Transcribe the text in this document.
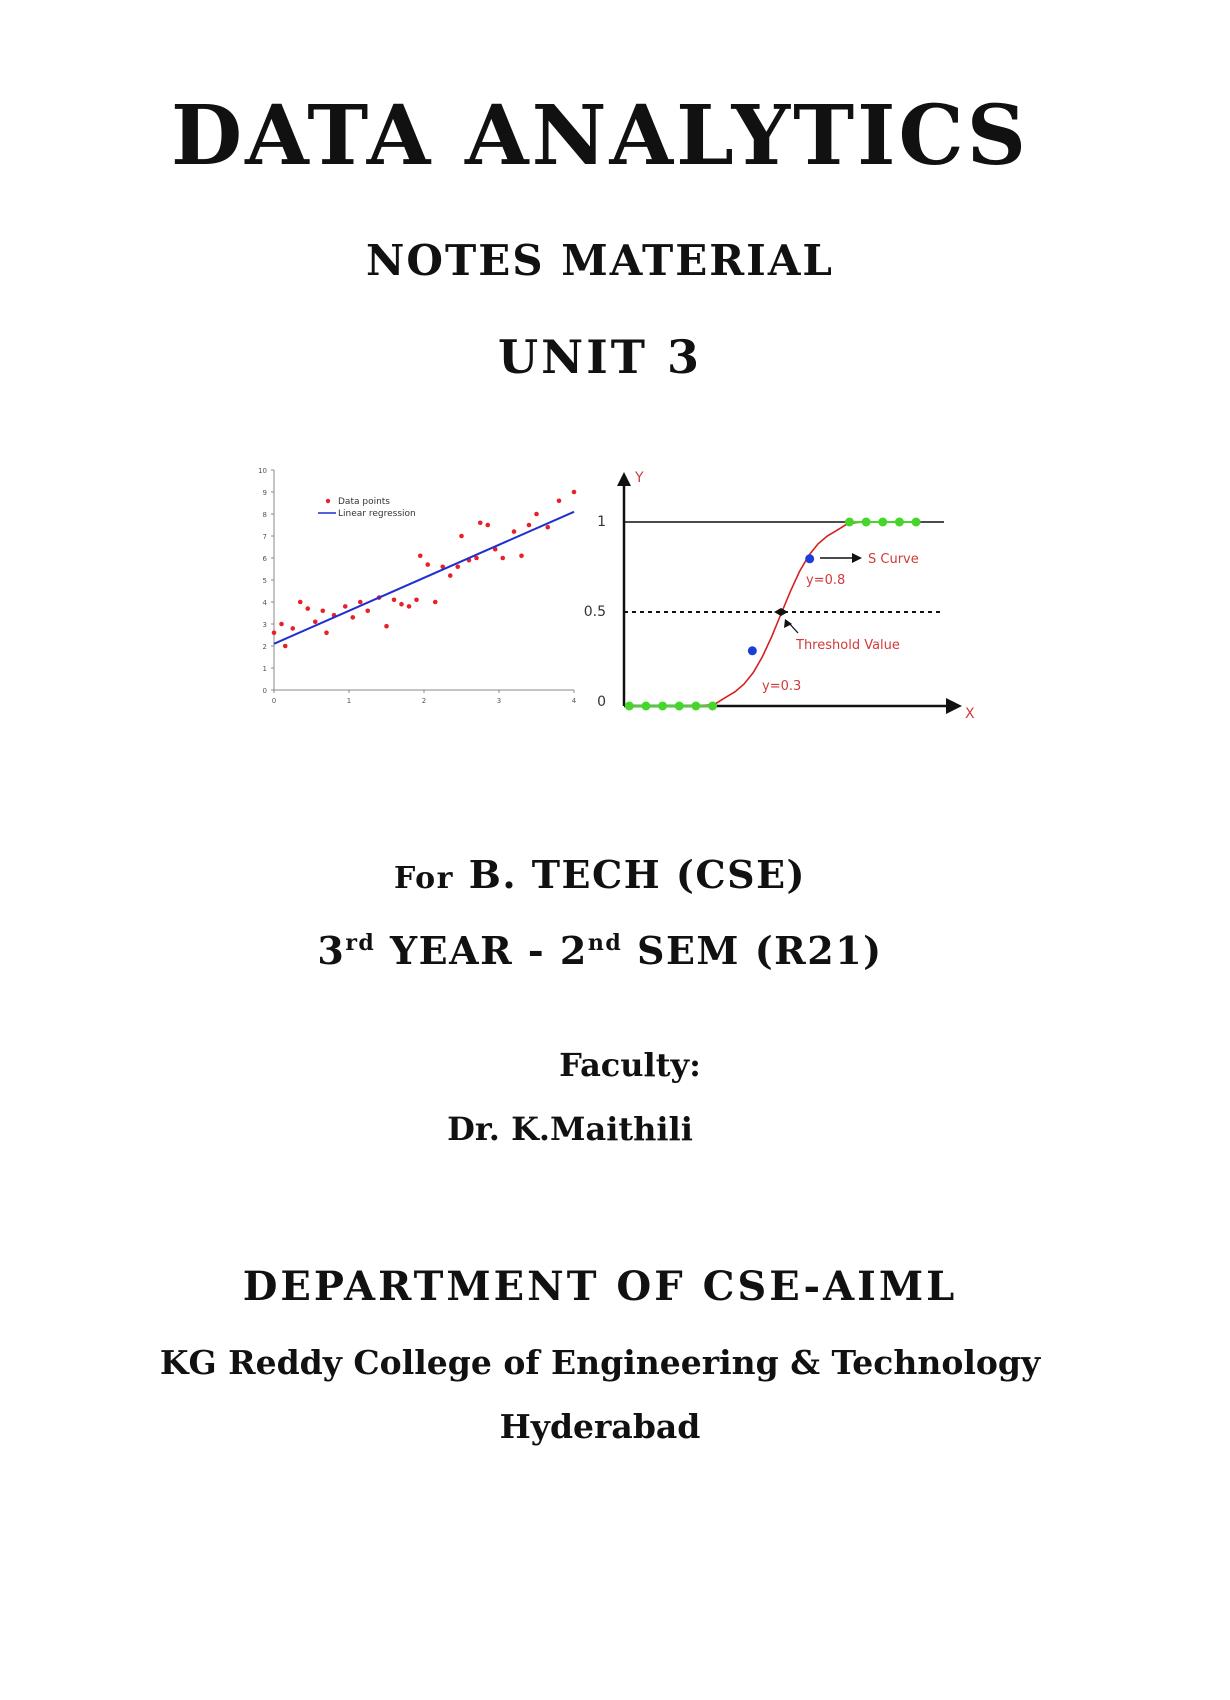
DATA ANALYTICS
NOTES MATERIAL
UNIT 3
0
1
2
3
4
5
6
7
8
9
10
0	1	2	3	4
Data points
Linear regression
Y
X
1
0.5
0
S Curve
y=0.8
Threshold Value
y=0.3

For B. TECH (CSE)

3rd YEAR - 2nd SEM (R21)

Faculty:

Dr. K.Maithili

DEPARTMENT OF CSE-AIML

KG Reddy College of Engineering & Technology

Hyderabad
